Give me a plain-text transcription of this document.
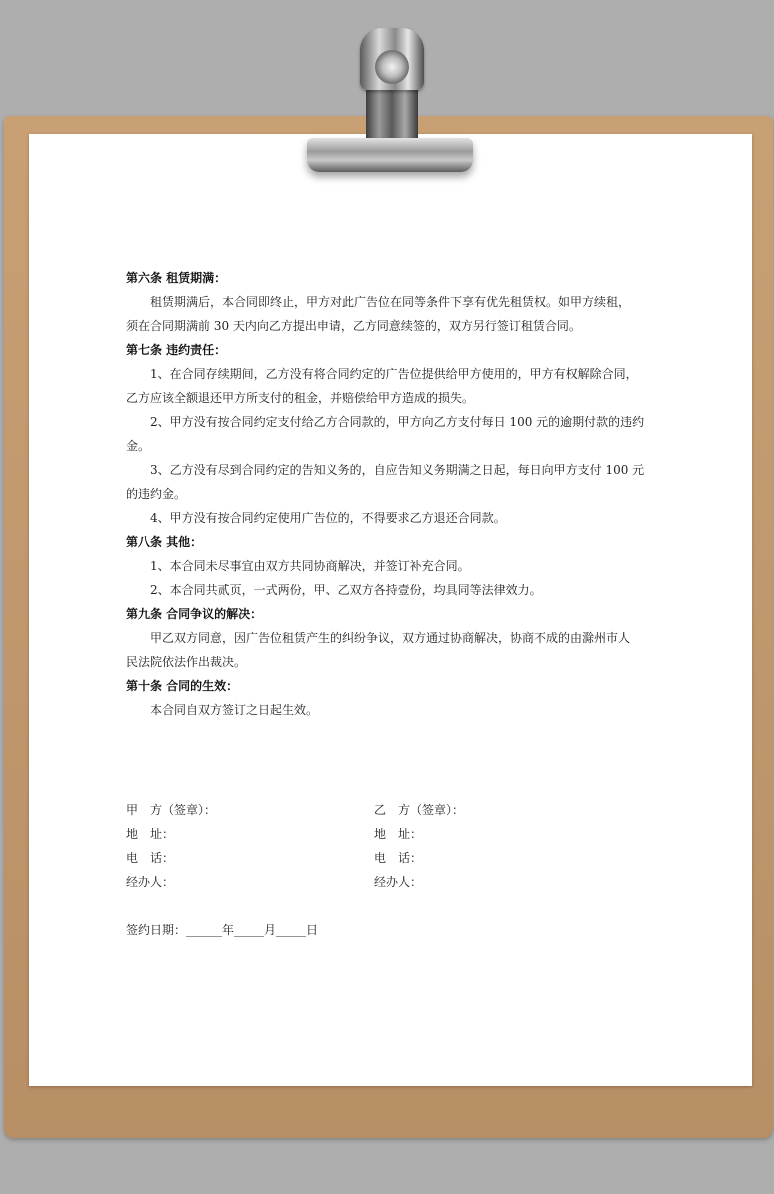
第六条 租赁期满：
租赁期满后，本合同即终止，甲方对此广告位在同等条件下享有优先租赁权。如甲方续租，
须在合同期满前 30 天内向乙方提出申请，乙方同意续签的，双方另行签订租赁合同。
第七条 违约责任：
1、在合同存续期间，乙方没有将合同约定的广告位提供给甲方使用的，甲方有权解除合同，
乙方应该全额退还甲方所支付的租金，并赔偿给甲方造成的损失。
2、甲方没有按合同约定支付给乙方合同款的，甲方向乙方支付每日 100 元的逾期付款的违约
金。
3、乙方没有尽到合同约定的告知义务的，自应告知义务期满之日起，每日向甲方支付 100 元
的违约金。
4、甲方没有按合同约定使用广告位的，不得要求乙方退还合同款。
第八条 其他：
1、本合同未尽事宜由双方共同协商解决，并签订补充合同。
2、本合同共贰页，一式两份，甲、乙双方各持壹份，均具同等法律效力。
第九条 合同争议的解决：
甲乙双方同意，因广告位租赁产生的纠纷争议，双方通过协商解决，协商不成的由滁州市人
民法院依法作出裁决。
第十条 合同的生效：
本合同自双方签订之日起生效。
甲　方（签章）：
地　址：
电　话：
经办人：
乙　方（签章）：
地　址：
电　话：
经办人：
签约日期：______年_____月_____日
